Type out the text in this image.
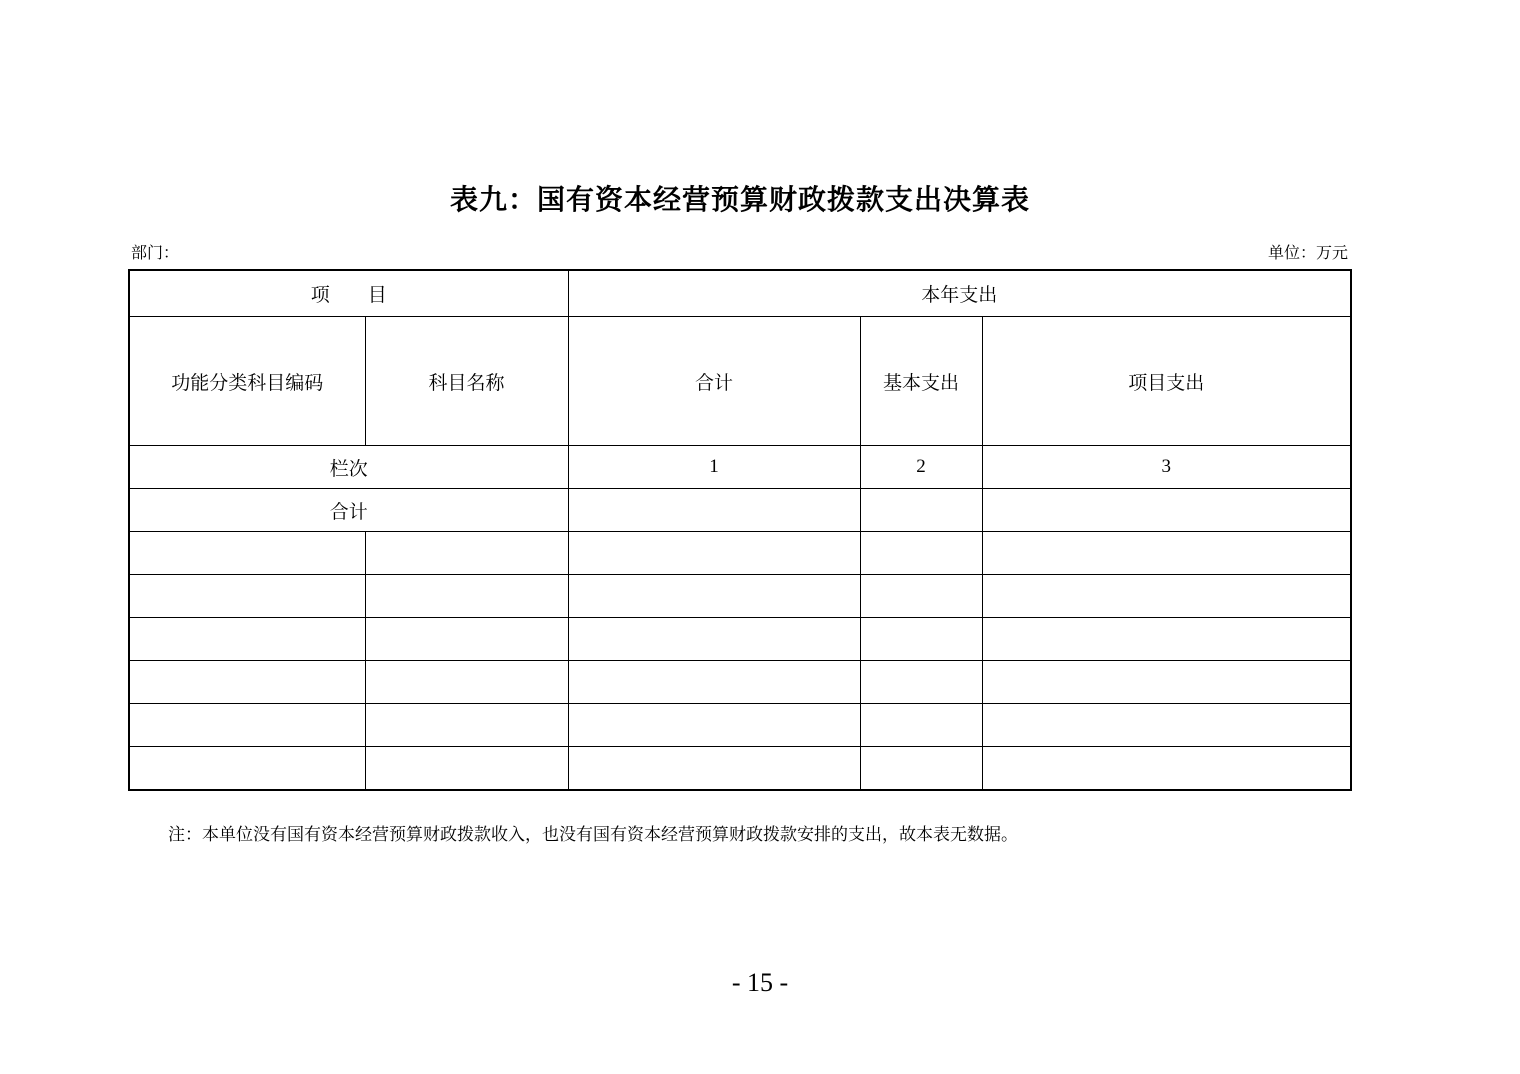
表九：国有资本经营预算财政拨款支出决算表
部门：	单位：万元
项　　目		本年支出		
功能分类科目编码	科目名称	合计	基本支出	项目支出
栏次		1	2	3
合计				

注：本单位没有国有资本经营预算财政拨款收入，也没有国有资本经营预算财政拨款安排的支出，故本表无数据。
- 15 -
